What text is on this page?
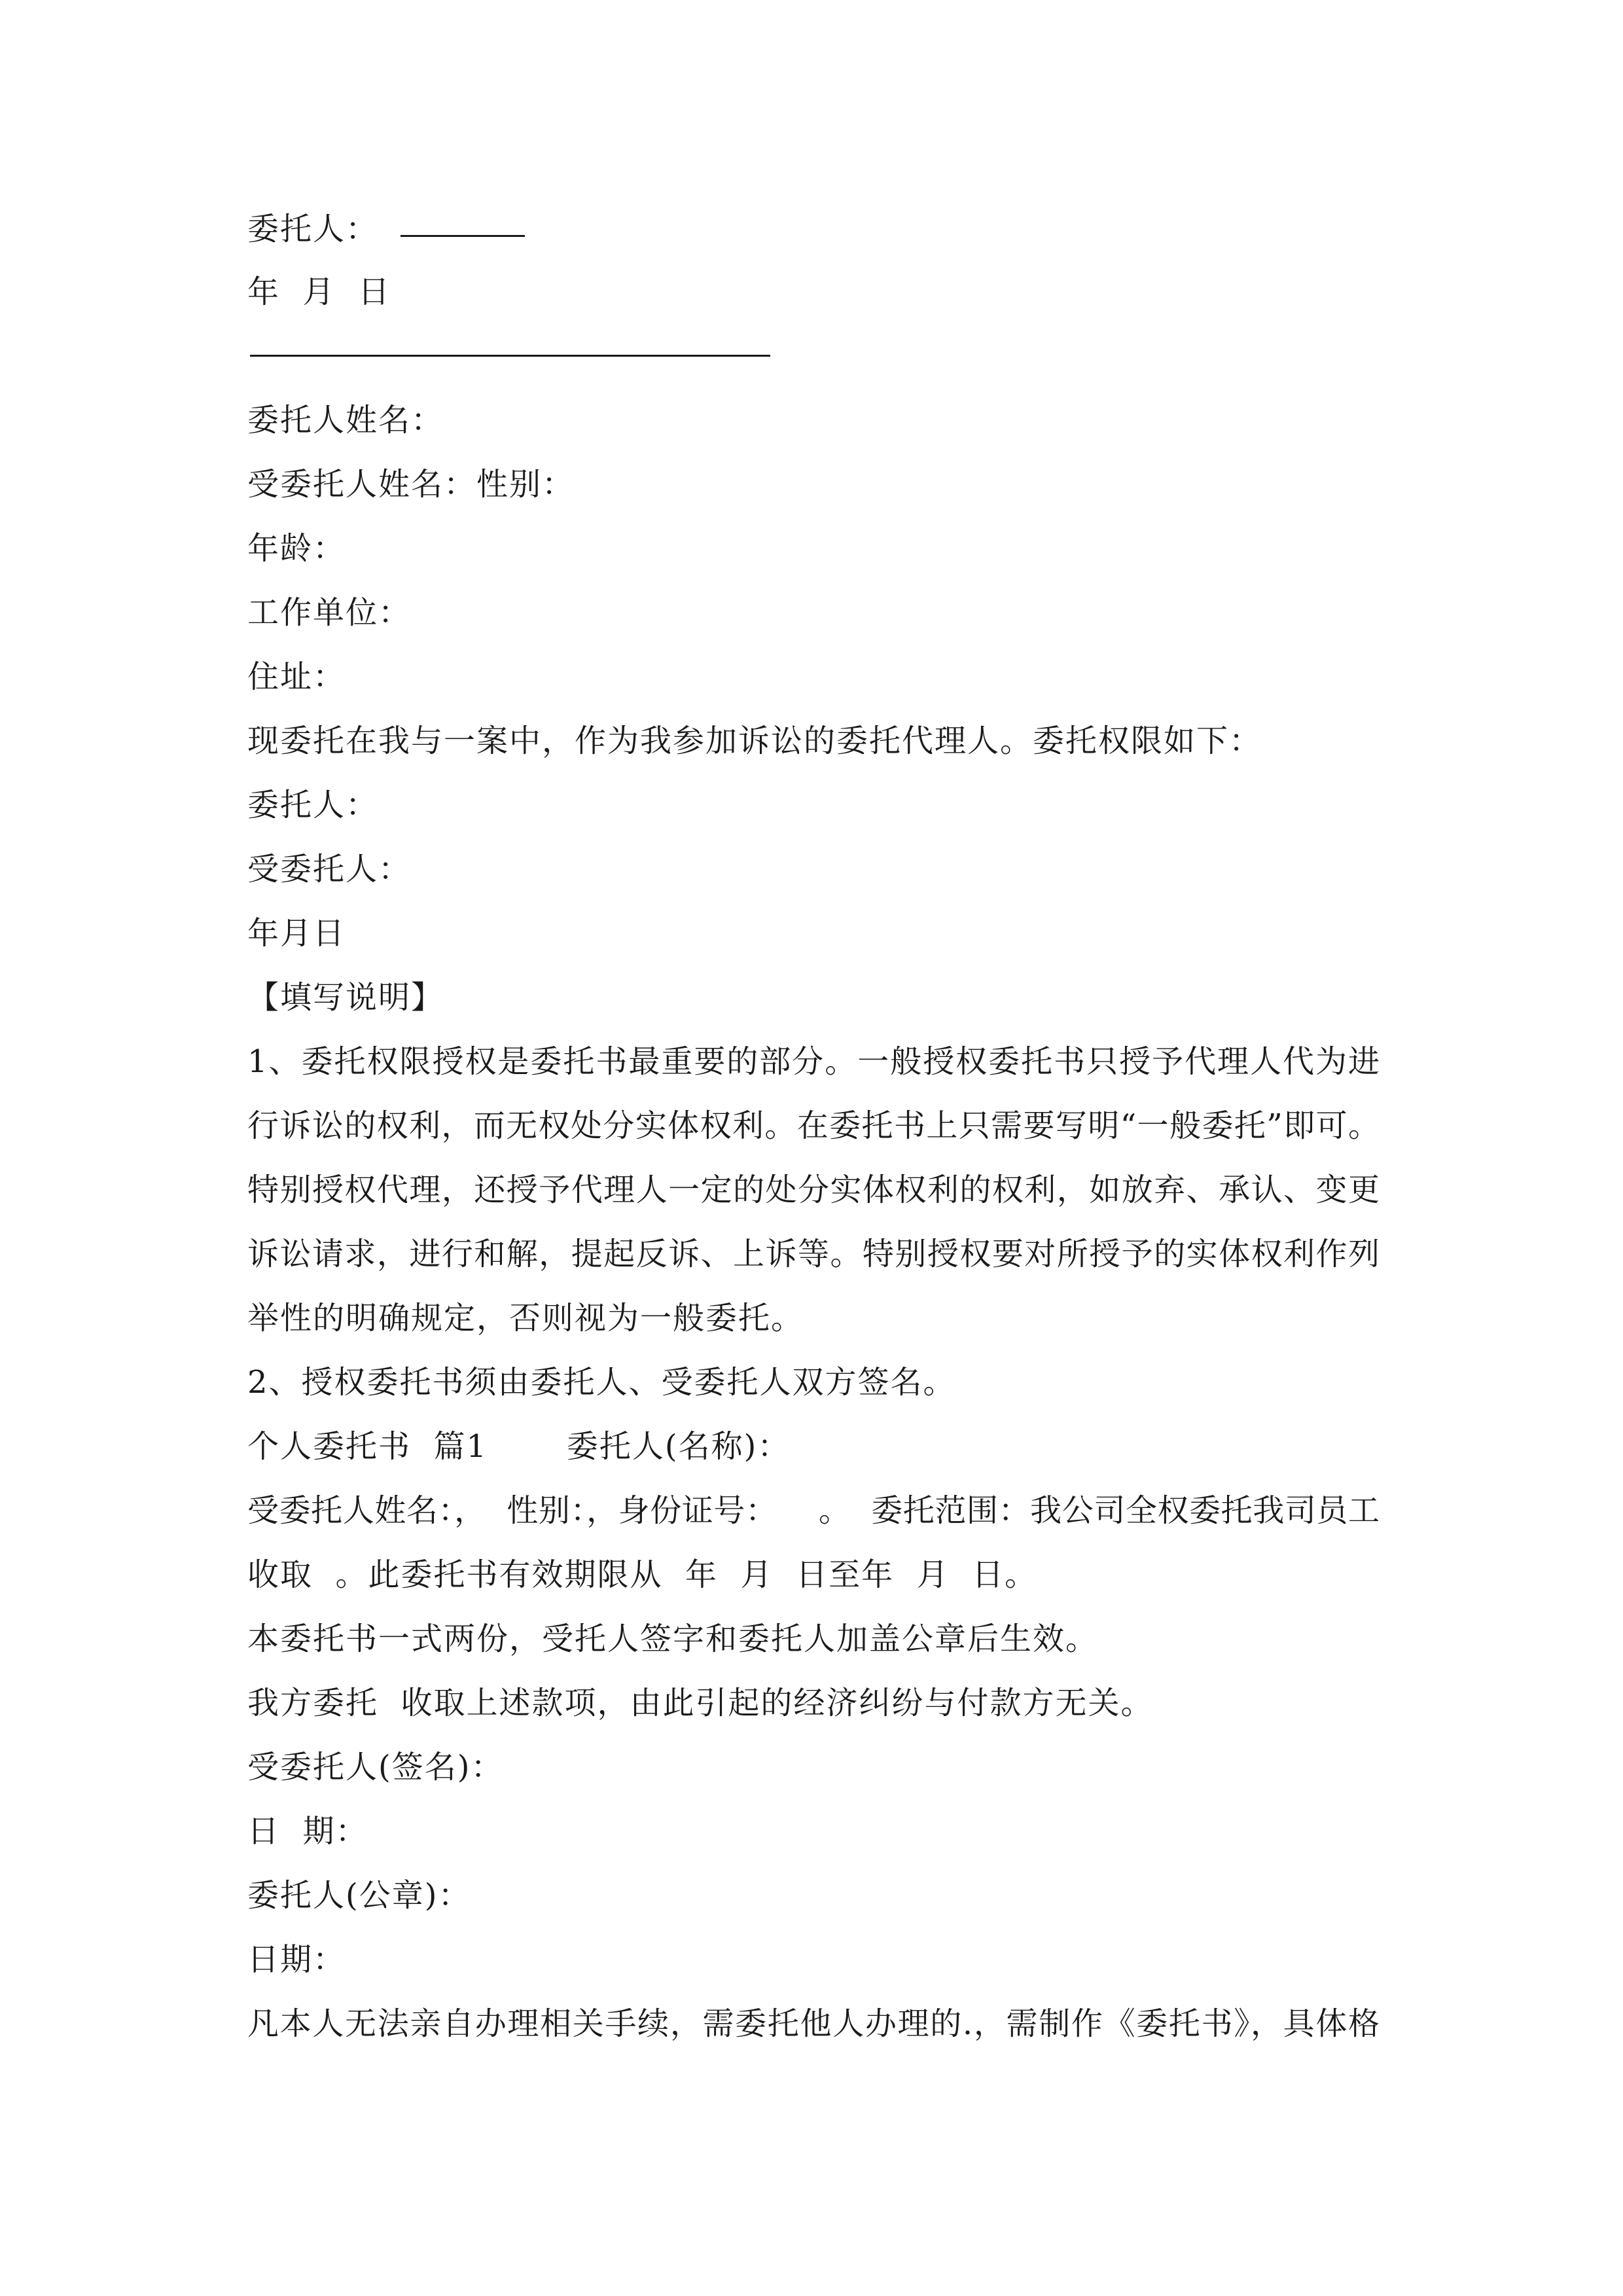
委托人：
年  月  日
委托人姓名：
受委托人姓名：性别：
年龄：
工作单位：
住址：
现委托在我与一案中，作为我参加诉讼的委托代理人。委托权限如下：
委托人：
受委托人：
年月日
【填写说明】
1、委托权限授权是委托书最重要的部分。一般授权委托书只授予代理人代为进
行诉讼的权利，而无权处分实体权利。在委托书上只需要写明“一般委托”即可。
特别授权代理，还授予代理人一定的处分实体权利的权利，如放弃、承认、变更
诉讼请求，进行和解，提起反诉、上诉等。特别授权要对所授予的实体权利作列
举性的明确规定，否则视为一般委托。
2、授权委托书须由委托人、受委托人双方签名。
个人委托书  篇1       委托人(名称)：
受委托人姓名：，  性别：，身份证号：    。  委托范围：我公司全权委托我司员工
收取  。此委托书有效期限从  年  月  日至年  月  日。
本委托书一式两份，受托人签字和委托人加盖公章后生效。
我方委托  收取上述款项，由此引起的经济纠纷与付款方无关。
受委托人(签名)：
日  期：
委托人(公章)：
日期：
凡本人无法亲自办理相关手续，需委托他人办理的.，需制作《委托书》，具体格
